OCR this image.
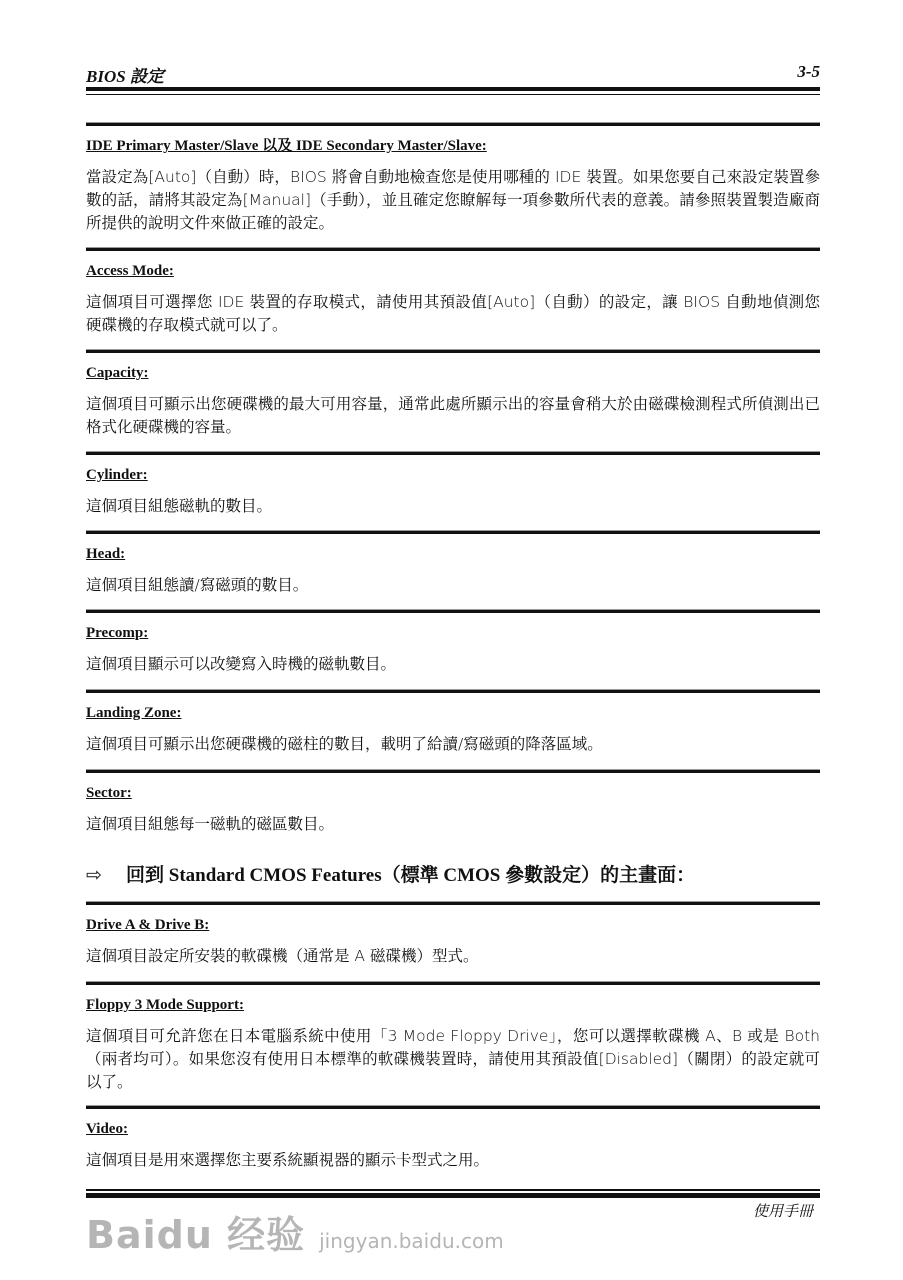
BIOS 設定	3-5
IDE Primary Master/Slave 以及 IDE Secondary Master/Slave:

當設定為[Auto]（自動）時，BIOS 將會自動地檢查您是使用哪種的 IDE 裝置。如果您要自己來設定裝置參數的話，請將其設定為[Manual]（手動），並且確定您瞭解每一項參數所代表的意義。請參照裝置製造廠商所提供的說明文件來做正確的設定。

Access Mode:

這個項目可選擇您 IDE 裝置的存取模式，請使用其預設值[Auto]（自動）的設定，讓 BIOS 自動地偵測您硬碟機的存取模式就可以了。

Capacity:

這個項目可顯示出您硬碟機的最大可用容量，通常此處所顯示出的容量會稍大於由磁碟檢測程式所偵測出已格式化硬碟機的容量。

Cylinder:

這個項目組態磁軌的數目。

Head:

這個項目組態讀/寫磁頭的數目。

Precomp:

這個項目顯示可以改變寫入時機的磁軌數目。

Landing Zone:

這個項目可顯示出您硬碟機的磁柱的數目，載明了給讀/寫磁頭的降落區域。

Sector:

這個項目組態每一磁軌的磁區數目。

⇨ 回到 Standard CMOS Features（標準 CMOS 參數設定）的主畫面：
Drive A & Drive B:

這個項目設定所安裝的軟碟機（通常是 A 磁碟機）型式。

Floppy 3 Mode Support:

這個項目可允許您在日本電腦系統中使用「3 Mode Floppy Drive」，您可以選擇軟碟機 A、B 或是 Both（兩者均可）。如果您沒有使用日本標準的軟碟機裝置時，請使用其預設值[Disabled]（關閉）的設定就可以了。

Video:

這個項目是用來選擇您主要系統顯視器的顯示卡型式之用。

Baidu 经验 jingyan.baidu.com
使用手冊
